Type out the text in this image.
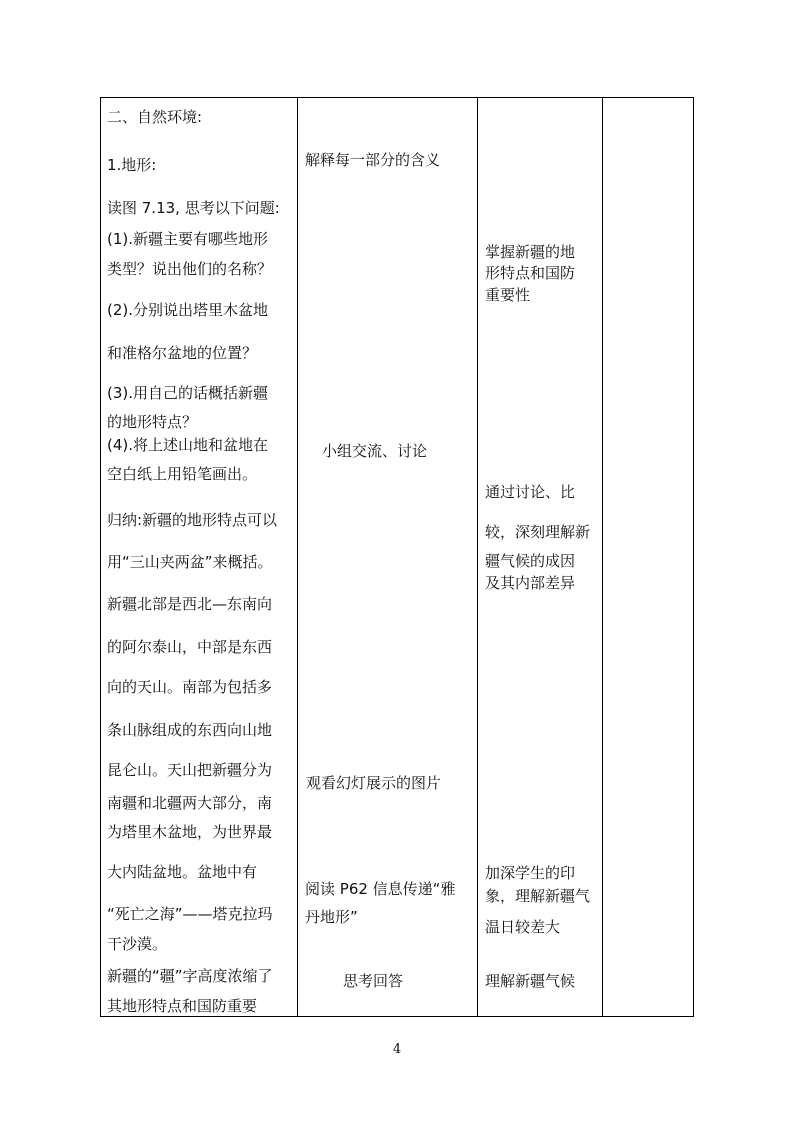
二、自然环境:
1.地形:
读图 7.13, 思考以下问题:
(1).新疆主要有哪些地形
类型？说出他们的名称？
(2).分别说出塔里木盆地
和准格尔盆地的位置？
(3).用自己的话概括新疆
的地形特点？
(4).将上述山地和盆地在
空白纸上用铅笔画出。
归纳:新疆的地形特点可以
用“三山夹两盆”来概括。
新疆北部是西北—东南向
的阿尔泰山，中部是东西
向的天山。南部为包括多
条山脉组成的东西向山地
昆仑山。天山把新疆分为
南疆和北疆两大部分，南
为塔里木盆地，为世界最
大内陆盆地。盆地中有
“死亡之海”——塔克拉玛
干沙漠。
新疆的“疆”字高度浓缩了
其地形特点和国防重要
解释每一部分的含义
小组交流、讨论
观看幻灯展示的图片
阅读 P62 信息传递“雅
丹地形”
思考回答
掌握新疆的地
形特点和国防
重要性
通过讨论、比
较，深刻理解新
疆气候的成因
及其内部差异
加深学生的印
象，理解新疆气
温日较差大
理解新疆气候
4
